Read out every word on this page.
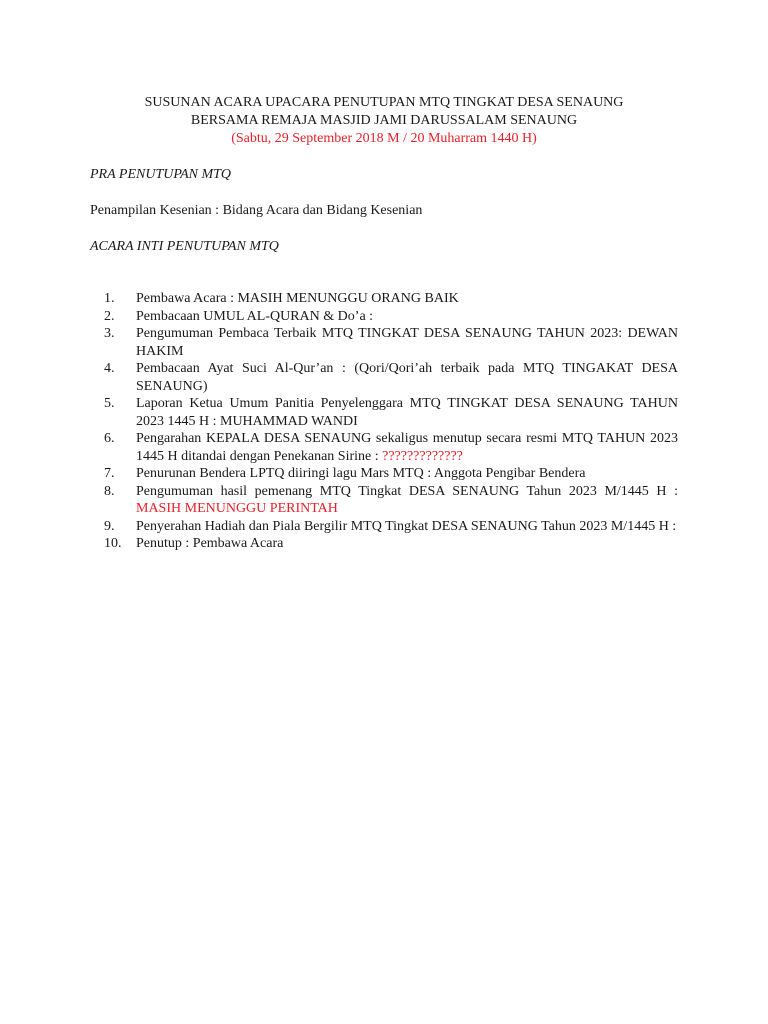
SUSUNAN ACARA UPACARA PENUTUPAN MTQ TINGKAT DESA SENAUNG
BERSAMA REMAJA MASJID JAMI DARUSSALAM SENAUNG
(Sabtu, 29 September 2018 M / 20 Muharram 1440 H)
PRA PENUTUPAN MTQ
Penampilan Kesenian : Bidang Acara dan Bidang Kesenian
ACARA INTI PENUTUPAN MTQ
1.	Pembawa Acara : MASIH MENUNGGU ORANG BAIK
2.	Pembacaan UMUL AL-QURAN & Do’a :
3.	Pengumuman Pembaca Terbaik MTQ TINGKAT DESA SENAUNG TAHUN 2023: DEWAN HAKIM
4.	Pembacaan Ayat Suci Al-Qur’an : (Qori/Qori’ah terbaik pada MTQ TINGAKAT DESA SENAUNG)
5.	Laporan Ketua Umum Panitia Penyelenggara MTQ TINGKAT DESA SENAUNG TAHUN 2023 1445 H : MUHAMMAD WANDI
6.	Pengarahan KEPALA DESA SENAUNG sekaligus menutup secara resmi MTQ TAHUN 2023 1445 H ditandai dengan Penekanan Sirine : ?????????????
7.	Penurunan Bendera LPTQ diiringi lagu Mars MTQ : Anggota Pengibar Bendera
8.	Pengumuman hasil pemenang MTQ Tingkat DESA SENAUNG Tahun 2023 M/1445 H : MASIH MENUNGGU PERINTAH
9.	Penyerahan Hadiah dan Piala Bergilir MTQ Tingkat DESA SENAUNG Tahun 2023 M/1445 H :
10.	Penutup : Pembawa Acara
